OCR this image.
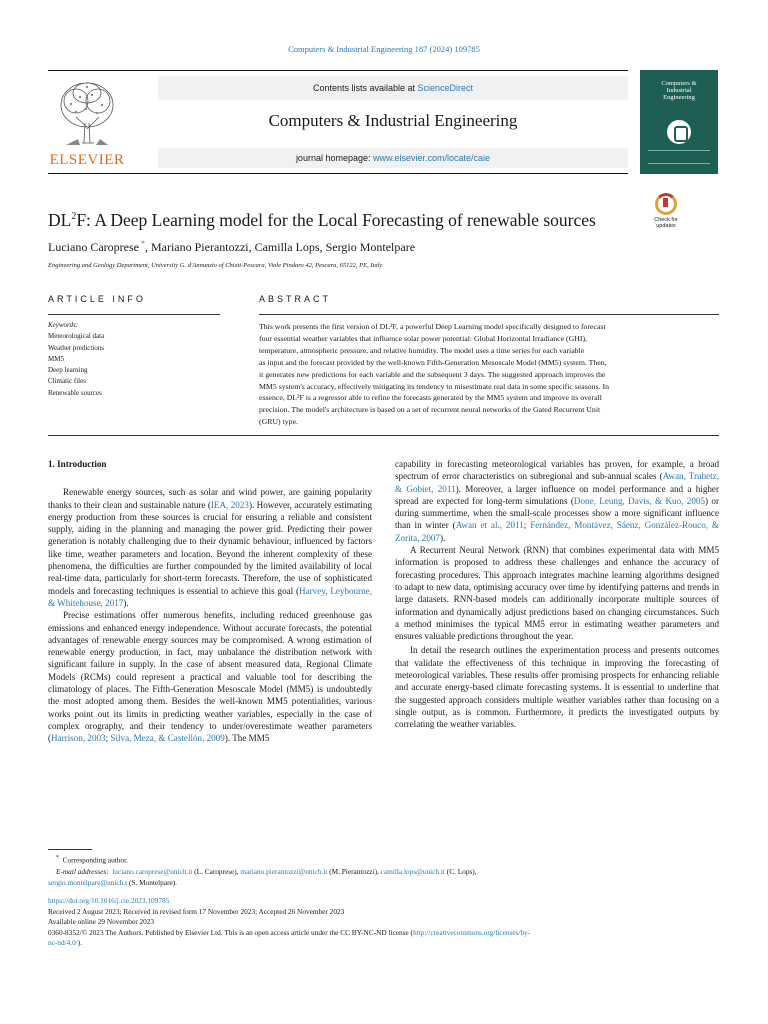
Computers & Industrial Engineering 187 (2024) 109785
ELSEVIER
Contents lists available at ScienceDirect
Computers & Industrial Engineering
journal homepage: www.elsevier.com/locate/caie
Computers &
Industrial
Engineering
$DL^2F$: A Deep Learning model for the Local Forecasting of renewable sources	Check for
updates
Luciano Caroprese *, Mariano Pierantozzi, Camilla Lops, Sergio Montelpare
Engineering and Geology Department, University G. d'Annunzio of Chieti-Pescara, Viale Pindaro 42, Pescara, 65122, PE, Italy
ARTICLE INFO	ABSTRACT
Keywords:
Meteorological data
Weather predictions
MM5
Deep learning
Climatic files
Renewable sources
This work presents the first version of DL²F, a powerful Deep Learning model specifically designed to forecast
four essential weather variables that influence solar power potential: Global Horizontal Irradiance (GHI),
temperature, atmospheric pressure, and relative humidity. The model uses a time series for each variable
as input and the forecast provided by the well-known Fifth-Generation Mesoscale Model (MM5) system. Then,
it generates new predictions for each variable and the subsequent 3 days. The suggested approach improves the
MM5 system's accuracy, effectively mitigating its tendency to misestimate real data in some specific seasons. In
essence, DL²F is a regressor able to refine the forecasts generated by the MM5 system and improve its overall
precision. The model's architecture is based on a set of recurrent neural networks of the Gated Recurrent Unit
(GRU) type.
1. Introduction

Renewable energy sources, such as solar and wind power, are gaining popularity thanks to their clean and sustainable nature (IEA, 2023). However, accurately estimating energy production from these sources is crucial for ensuring a reliable and consistent supply, aiding in the planning and managing the power grid. Predicting their power generation is notably challenging due to their dynamic behaviour, influenced by factors like time, weather parameters and location. Beyond the inherent complexity of these phenomena, the difficulties are further compounded by the limited availability of local real-time data, particularly for short-term forecasts. Therefore, the use of sophisticated models and forecasting techniques is essential to achieve this goal (Harvey, Leybourne, & Whitehouse, 2017).

Precise estimations offer numerous benefits, including reduced greenhouse gas emissions and enhanced energy independence. Without accurate forecasts, the potential advantages of renewable energy sources may be compromised. A wrong estimation of renewable energy production, in fact, may unbalance the distribution network with significant failure in supply. In the case of absent measured data, Regional Climate Models (RCMs) could represent a practical and valuable tool for describing the climatology of places. The Fifth-Generation Mesoscale Model (MM5) is undoubtedly the most adopted among them. Besides the well-known MM5 potentialities, various works point out its limits in predicting weather variables, especially in the case of complex orography, and their tendency to under/overestimate weather parameters (Harrison, 2003; Silva, Meza, & Castellón, 2009). The MM5

capability in forecasting meteorological variables has proven, for example, a broad spectrum of error characteristics on subregional and sub-annual scales (Awan, Truhetz, & Gobiet, 2011). Moreover, a larger influence on model performance and a higher spread are expected for long-term simulations (Done, Leung, Davis, & Kuo, 2005) or during summertime, when the small-scale processes show a more significant influence than in winter (Awan et al., 2011; Fernández, Montávez, Sáenz, González-Rouco, & Zorita, 2007).

A Recurrent Neural Network (RNN) that combines experimental data with MM5 information is proposed to address these challenges and enhance the accuracy of forecasting procedures. This approach integrates machine learning algorithms designed to adapt to new data, optimising accuracy over time by identifying patterns and trends in large datasets. RNN-based models can additionally incorporate multiple sources of information and dynamically adjust predictions based on changing circumstances. Such a method minimises the typical MM5 error in estimating weather parameters and ensures valuable predictions throughout the year.

In detail the research outlines the experimentation process and presents outcomes that validate the effectiveness of this technique in improving the forecasting of meteorological variables. These results offer promising prospects for enhancing reliable and accurate energy-based climate forecasting systems. It is essential to underline that the suggested approach considers multiple weather variables rather than focusing on a single output, as is common. Furthermore, it predicts the investigated outputs by correlating the weather variables.

* Corresponding author.
E-mail addresses: luciano.caroprese@unich.it (L. Caroprese), mariano.pierantozzi@unich.it (M. Pierantozzi), camilla.lops@unich.it (C. Lops),
sergio.montelpare@unich.t (S. Montelpare).
https://doi.org/10.1016/j.cie.2023.109785
Received 2 August 2023; Received in revised form 17 November 2023; Accepted 26 November 2023
Available online 29 November 2023
0360-8352/© 2023 The Authors. Published by Elsevier Ltd. This is an open access article under the CC BY-NC-ND license (http://creativecommons.org/licenses/by-
nc-nd/4.0/).
